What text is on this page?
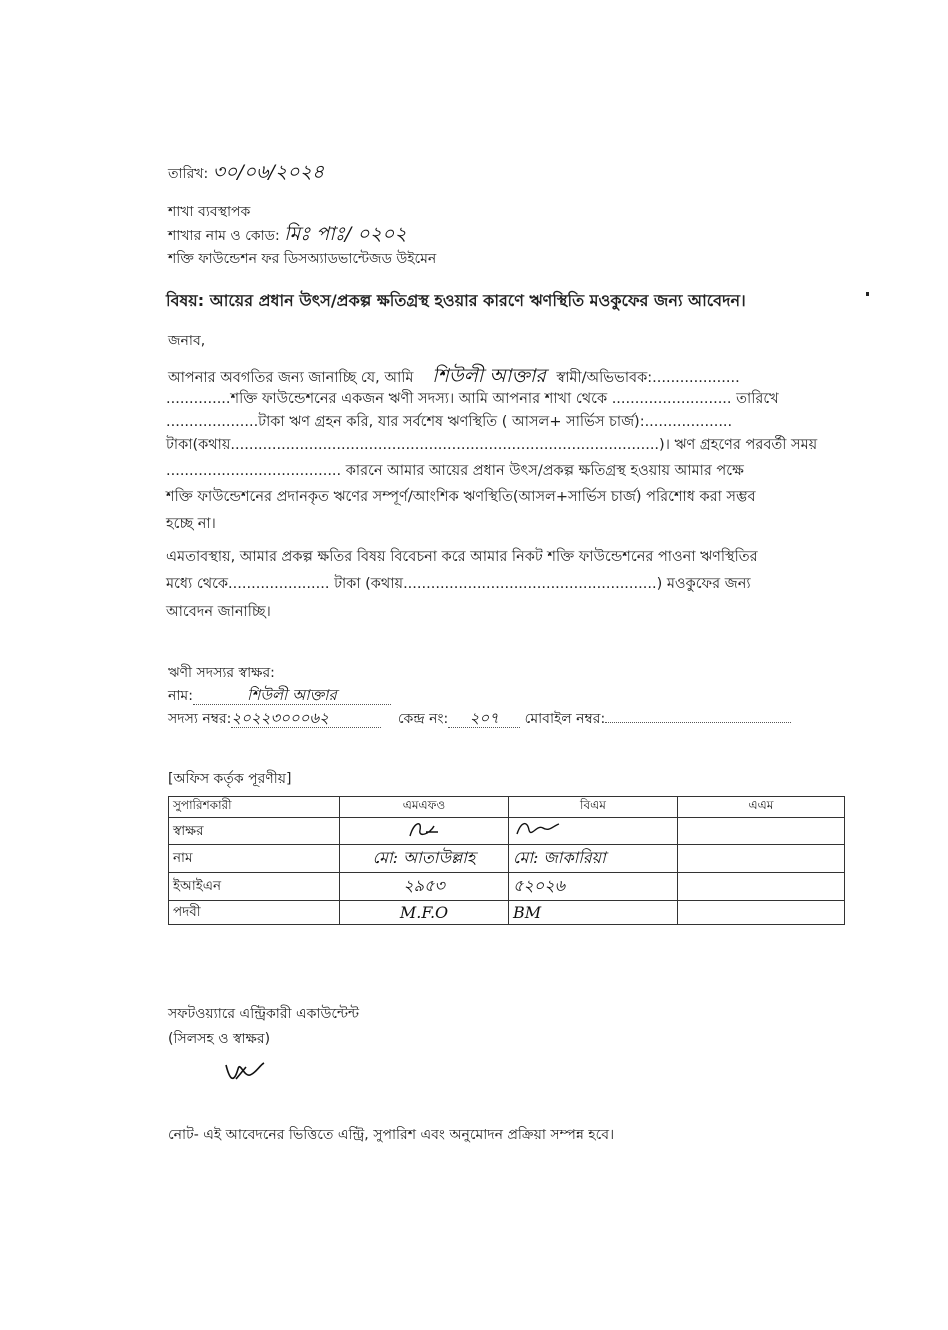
তারিখ: ৩০/০৬/২০২৪
শাখা ব্যবস্থাপক
শাখার নাম ও কোড: মিঃ পাঃ/ ০২০২
শক্তি ফাউন্ডেশন ফর ডিসঅ্যাডভান্টেজড উইমেন
বিষয়: আয়ের প্রধান উৎস/প্রকল্প ক্ষতিগ্রস্থ হওয়ার কারণে ঋণস্থিতি মওকুফের জন্য আবেদন।
জনাব,
আপনার অবগতির জন্য জানাচ্ছি যে, আমি শিউলী আক্তার স্বামী/অভিভাবক:...................
..............শক্তি ফাউন্ডেশনের একজন ঋণী সদস্য। আমি আপনার শাখা থেকে .......................... তারিখে
....................টাকা ঋণ গ্রহন করি, যার সর্বশেষ ঋণস্থিতি ( আসল+ সার্ভিস চার্জ):...................
টাকা(কথায়.............................................................................................)। ঋণ গ্রহণের পরবর্তী সময়
...................................... কারনে আমার আয়ের প্রধান উৎস/প্রকল্প ক্ষতিগ্রস্থ হওয়ায় আমার পক্ষে
শক্তি ফাউন্ডেশনের প্রদানকৃত ঋণের সম্পূর্ণ/আংশিক ঋণস্থিতি(আসল+সার্ভিস চার্জ) পরিশোধ করা সম্ভব
হচ্ছে না।
এমতাবস্থায়, আমার প্রকল্প ক্ষতির বিষয় বিবেচনা করে আমার নিকট শক্তি ফাউন্ডেশনের পাওনা ঋণস্থিতির
মধ্যে থেকে...................... টাকা (কথায়.......................................................) মওকুফের জন্য
আবেদন জানাচ্ছি।
ঋণী সদস্যর স্বাক্ষর:
নাম:	শিউলী আক্তার
সদস্য নম্বর:২০২২৩০০০৬২	কেন্দ্র নং: ২০৭ মোবাইল নম্বর:
[অফিস কর্তৃক পূরণীয়]
সুপারিশকারী	এমএফও	বিএম	এএম
স্বাক্ষর			
নাম	মো: আতাউল্লাহ	মো: জাকারিয়া	
ইআইএন	২৯৫৩	৫২০২৬	
পদবী	M.F.O	BM	
সফটওয়্যারে এন্ট্রিকারী একাউন্টেন্ট
(সিলসহ ও স্বাক্ষর)
নোট- এই আবেদনের ভিত্তিতে এন্ট্রি, সুপারিশ এবং অনুমোদন প্রক্রিয়া সম্পন্ন হবে।
